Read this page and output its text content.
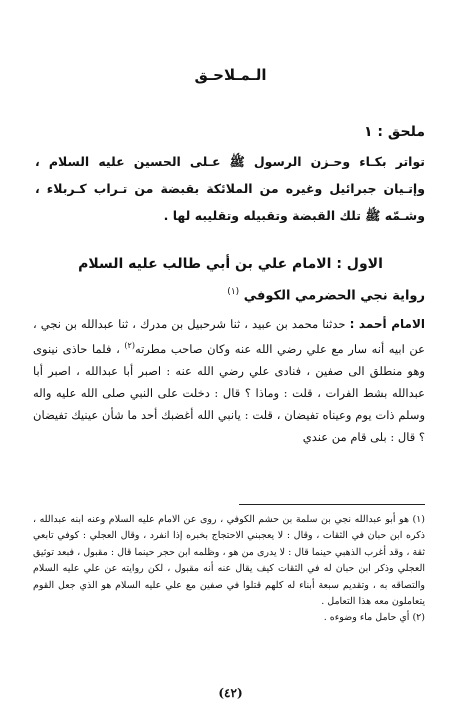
الـمـلاحـق
ملحق : ١
تواتر بكـاء وحـزن الرسول ﷺ عـلى الحسين عليه السلام ، وإتـيان جبرائيل وغيره من الملائكة بقبضة من تـراب كـربلاء ، وشـمّه ﷺ تلك القبضة وتقبيله وتقليبه لها .
الاول : الامام علي بن أبي طالب عليه السلام
رواية نجي الحضرمي الكوفي $^{(١)}$
الامام أحمد : حدثنا محمد بن عبيد ، ثنا شرحبيل بن مدرك ، ثنا عبدالله بن نجي ، عن ابيه أنه سار مع علي رضي الله عنه وكان صاحب مطرته$^{(٢)}$ ، فلما حاذى نينوى وهو منطلق الى صفين ، فنادى علي رضي الله عنه : اصبر أبا عبدالله ، اصبر أبا عبدالله بشط الفرات ، قلت : وماذا ؟ قال : دخلت على النبي صلى الله عليه واله وسلم ذات يوم وعيناه تفيضان ، قلت : يانبي الله أغضبك أحد ما شأن عينيك تفيضان ؟ قال : بلى قام من عندي

(١) هو أبو عبدالله نجي بن سلمة بن حشم الكوفي ، روى عن الامام عليه السلام وعنه ابنه عبدالله ، ذكره ابن حبان في الثقات ، وقال : لا يعجبني الاحتجاج بخبره إذا انفرد ، وقال العجلي : كوفي تابعي ثقة ، وقد أغرب الذهبي حينما قال : لا يدرى من هو ، وظلمه ابن حجر حينما قال : مقبول ، فبعد توثيق العجلي وذكر ابن حبان له في الثقات كيف يقال عنه أنه مقبول ، لكن روايته عن علي عليه السلام والتصاقه به ، وتقديم سبعة أبناء له كلهم قتلوا في صفين مع علي عليه السلام هو الذي جعل القوم يتعاملون معه هذا التعامل .

(٢) أي حامل ماء وضوءه .

(٤٢)
